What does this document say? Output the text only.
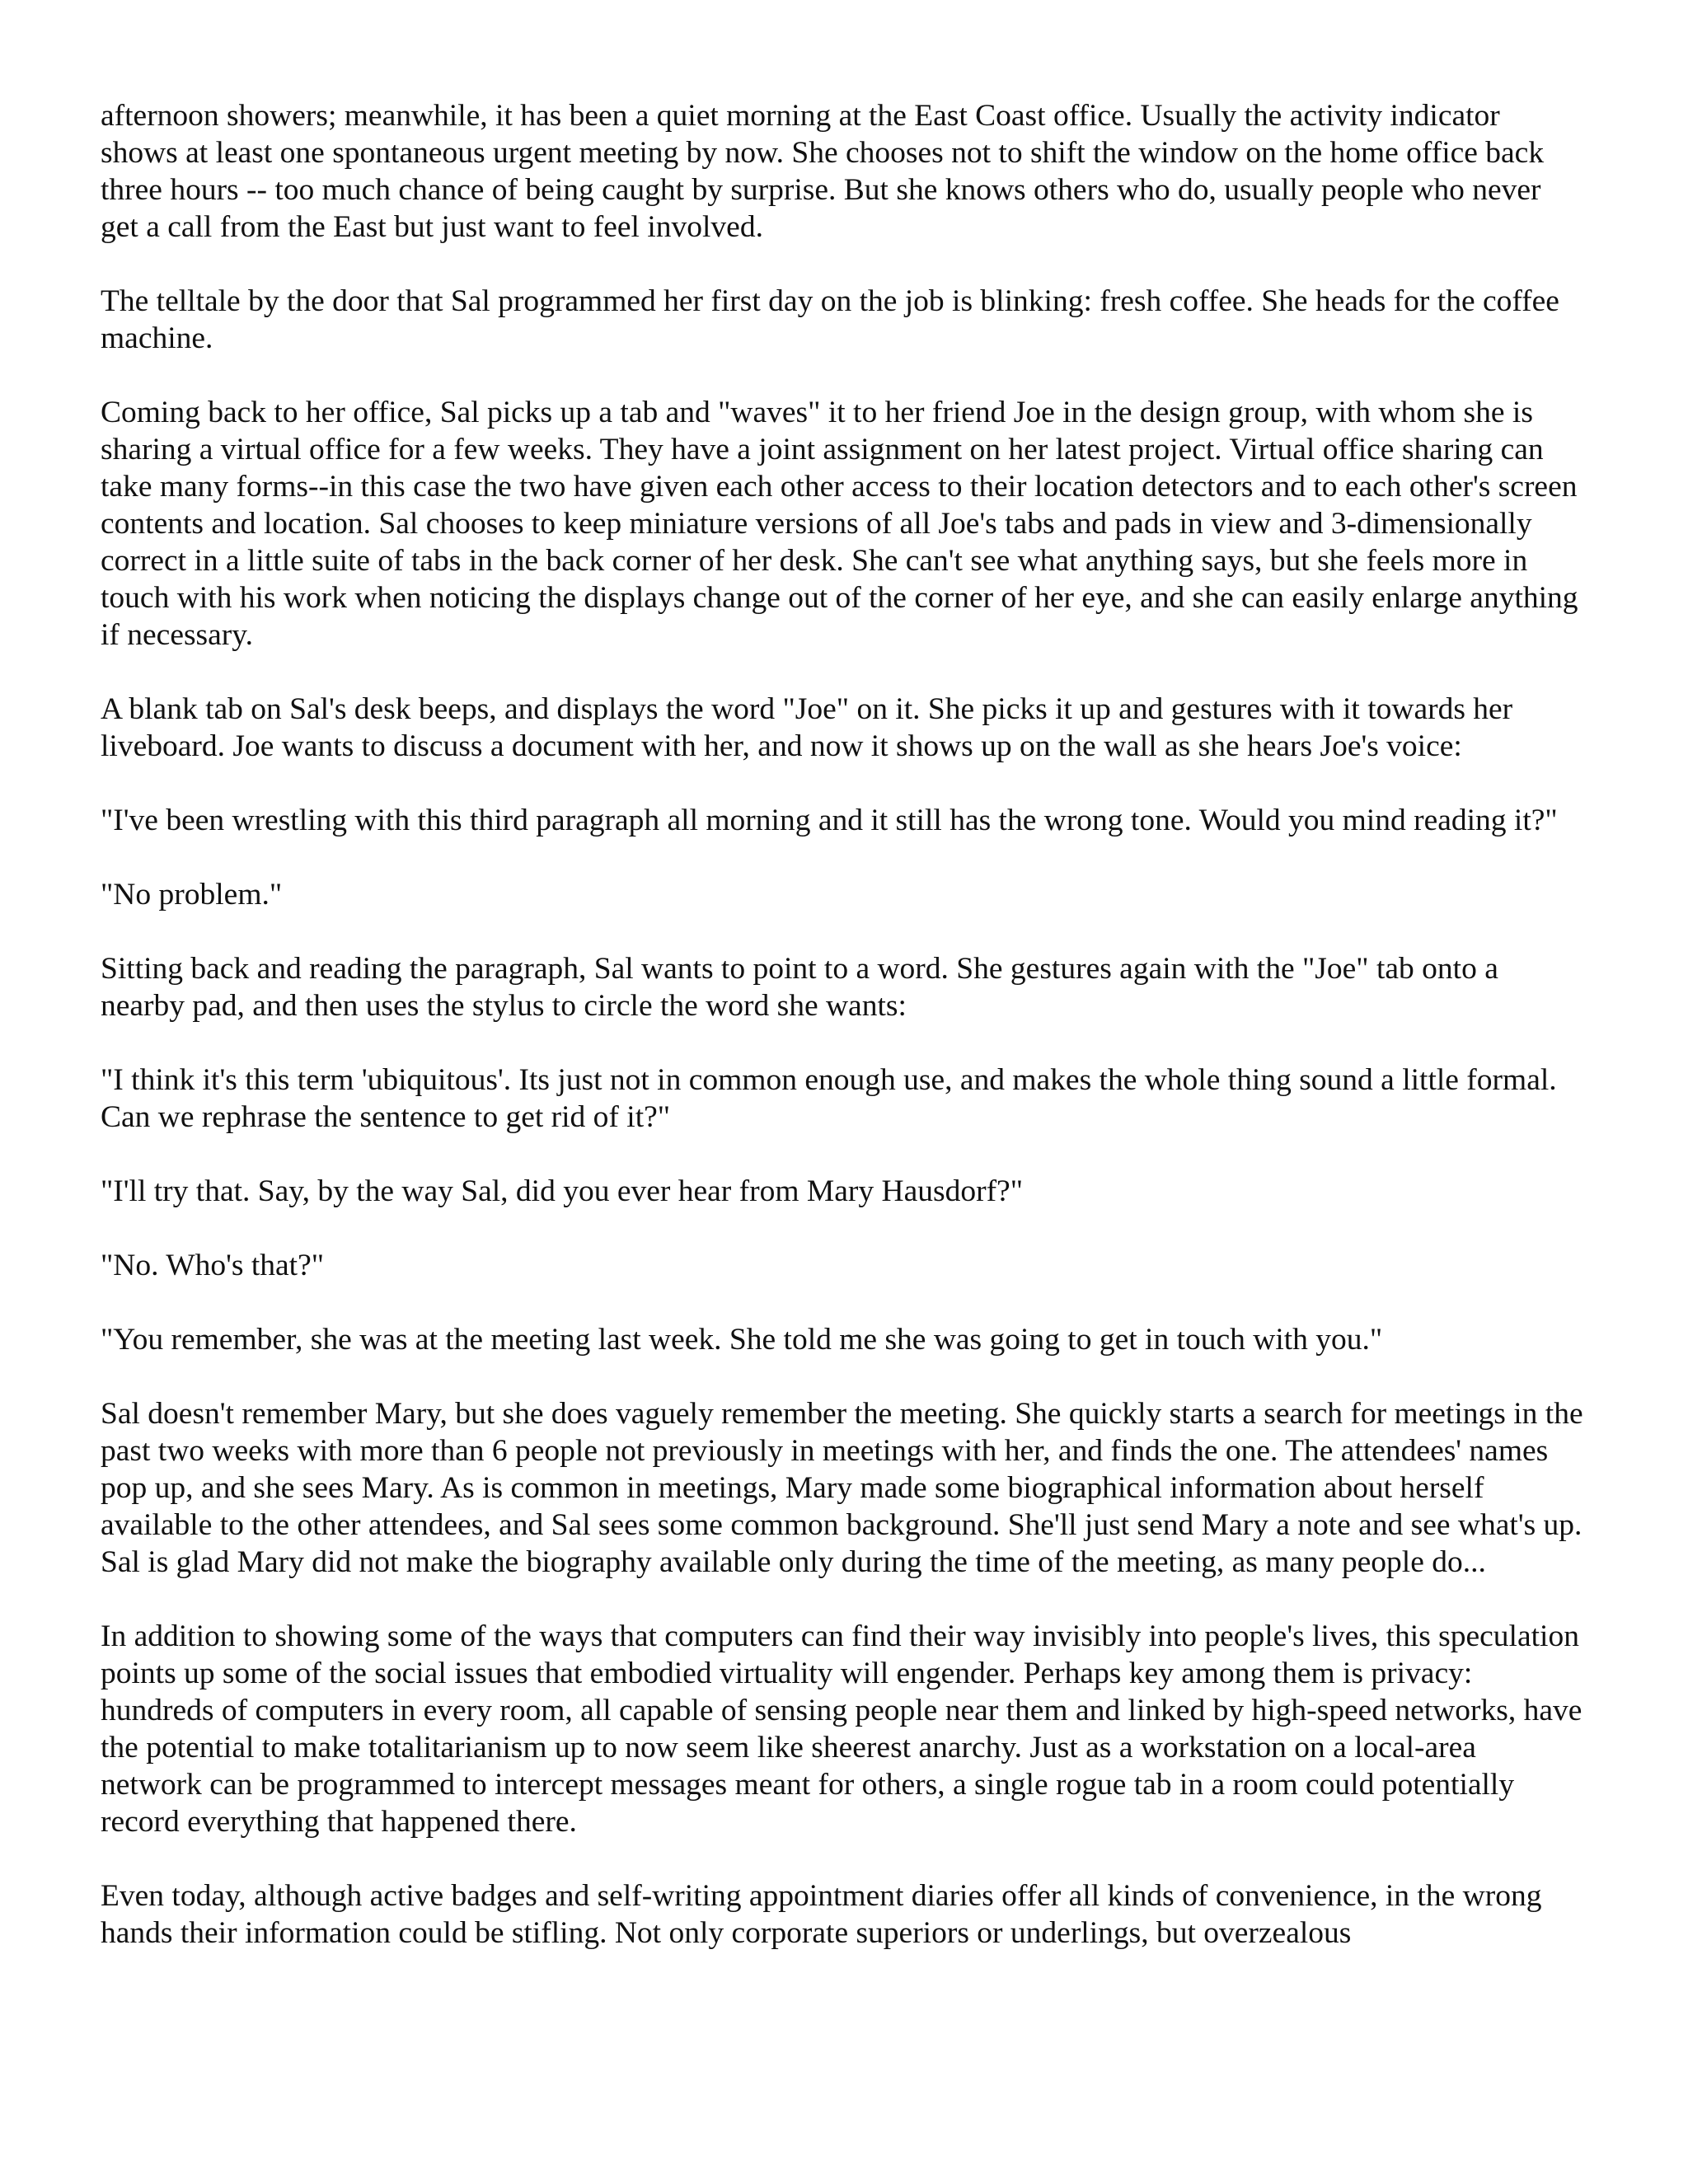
afternoon showers; meanwhile, it has been a quiet morning at the East Coast office. Usually the activity indicator shows at least one spontaneous urgent meeting by now. She chooses not to shift the window on the home office back three hours -- too much chance of being caught by surprise. But she knows others who do, usually people who never get a call from the East but just want to feel involved.

The telltale by the door that Sal programmed her first day on the job is blinking: fresh coffee. She heads for the coffee machine.

Coming back to her office, Sal picks up a tab and "waves" it to her friend Joe in the design group, with whom she is sharing a virtual office for a few weeks. They have a joint assignment on her latest project. Virtual office sharing can take many forms--in this case the two have given each other access to their location detectors and to each other's screen contents and location. Sal chooses to keep miniature versions of all Joe's tabs and pads in view and 3-dimensionally correct in a little suite of tabs in the back corner of her desk. She can't see what anything says, but she feels more in touch with his work when noticing the displays change out of the corner of her eye, and she can easily enlarge anything if necessary.

A blank tab on Sal's desk beeps, and displays the word "Joe" on it. She picks it up and gestures with it towards her liveboard. Joe wants to discuss a document with her, and now it shows up on the wall as she hears Joe's voice:

"I've been wrestling with this third paragraph all morning and it still has the wrong tone. Would you mind reading it?"

"No problem."

Sitting back and reading the paragraph, Sal wants to point to a word. She gestures again with the "Joe" tab onto a nearby pad, and then uses the stylus to circle the word she wants:

"I think it's this term 'ubiquitous'. Its just not in common enough use, and makes the whole thing sound a little formal. Can we rephrase the sentence to get rid of it?"

"I'll try that. Say, by the way Sal, did you ever hear from Mary Hausdorf?"

"No. Who's that?"

"You remember, she was at the meeting last week. She told me she was going to get in touch with you."

Sal doesn't remember Mary, but she does vaguely remember the meeting. She quickly starts a search for meetings in the past two weeks with more than 6 people not previously in meetings with her, and finds the one. The attendees' names pop up, and she sees Mary. As is common in meetings, Mary made some biographical information about herself available to the other attendees, and Sal sees some common background. She'll just send Mary a note and see what's up. Sal is glad Mary did not make the biography available only during the time of the meeting, as many people do...

In addition to showing some of the ways that computers can find their way invisibly into people's lives, this speculation points up some of the social issues that embodied virtuality will engender. Perhaps key among them is privacy: hundreds of computers in every room, all capable of sensing people near them and linked by high-speed networks, have the potential to make totalitarianism up to now seem like sheerest anarchy. Just as a workstation on a local-area network can be programmed to intercept messages meant for others, a single rogue tab in a room could potentially record everything that happened there.

Even today, although active badges and self-writing appointment diaries offer all kinds of convenience, in the wrong hands their information could be stifling. Not only corporate superiors or underlings, but overzealous
